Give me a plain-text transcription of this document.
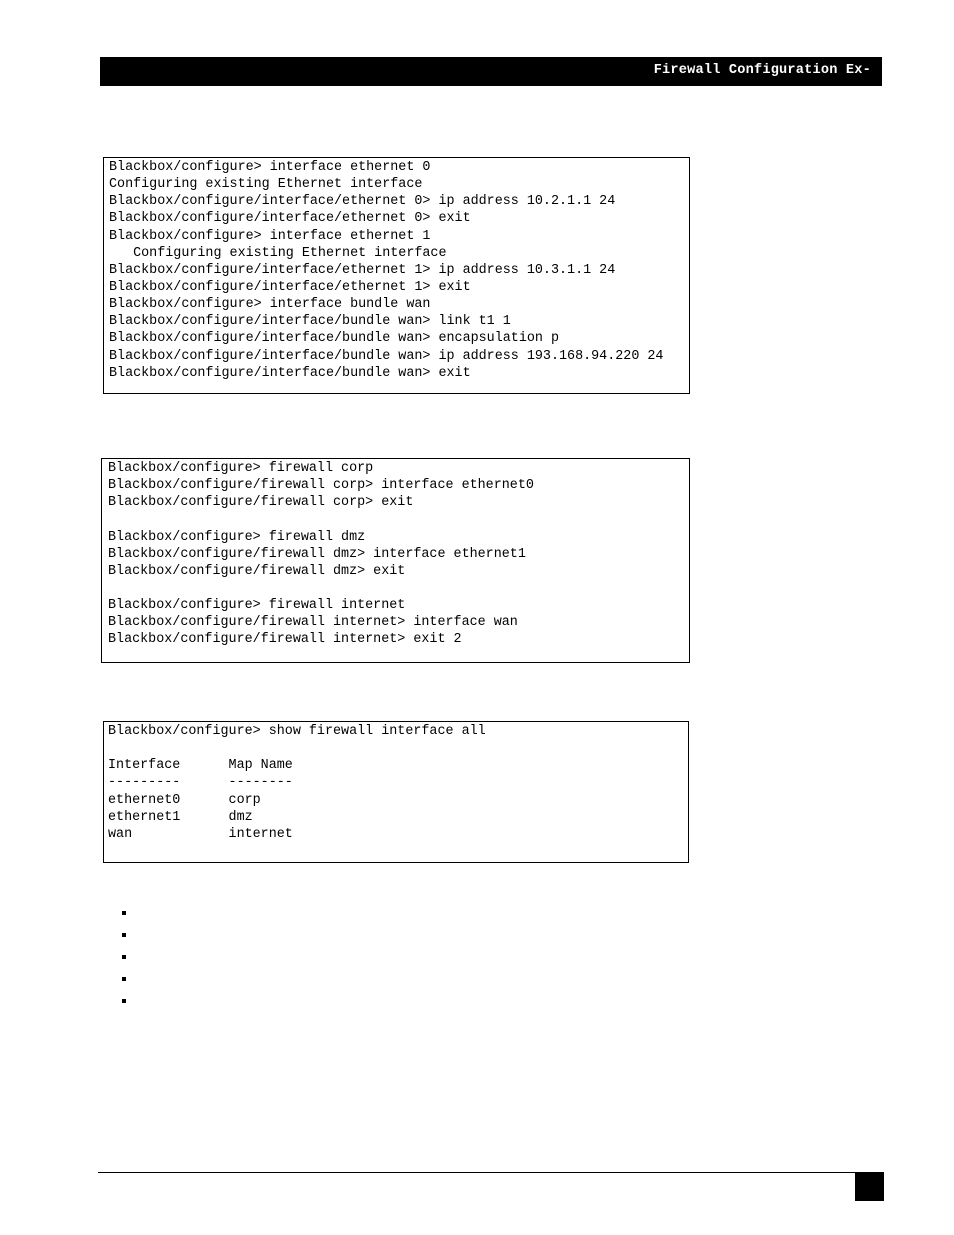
Firewall Configuration Ex-
Blackbox/configure> interface ethernet 0
Configuring existing Ethernet interface
Blackbox/configure/interface/ethernet 0> ip address 10.2.1.1 24
Blackbox/configure/interface/ethernet 0> exit
Blackbox/configure> interface ethernet 1
Configuring existing Ethernet interface
Blackbox/configure/interface/ethernet 1> ip address 10.3.1.1 24
Blackbox/configure/interface/ethernet 1> exit
Blackbox/configure> interface bundle wan
Blackbox/configure/interface/bundle wan> link t1 1
Blackbox/configure/interface/bundle wan> encapsulation p
Blackbox/configure/interface/bundle wan> ip address 193.168.94.220 24
Blackbox/configure/interface/bundle wan> exit
Blackbox/configure> firewall corp
Blackbox/configure/firewall corp> interface ethernet0
Blackbox/configure/firewall corp> exit
Blackbox/configure> firewall dmz
Blackbox/configure/firewall dmz> interface ethernet1
Blackbox/configure/firewall dmz> exit
Blackbox/configure> firewall internet
Blackbox/configure/firewall internet> interface wan
Blackbox/configure/firewall internet> exit 2
Blackbox/configure> show firewall interface all
Interface      Map Name
---------      --------
ethernet0      corp
ethernet1      dmz
wan            internet
